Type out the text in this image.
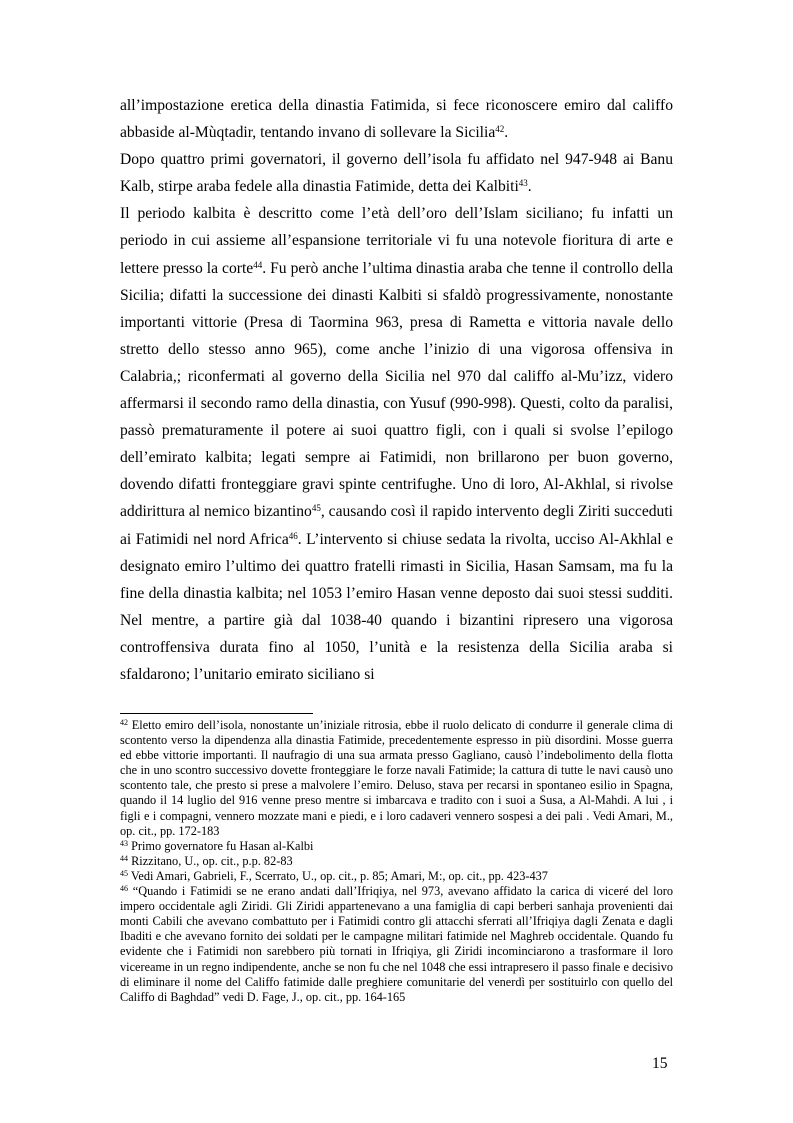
all’impostazione eretica della dinastia Fatimida, si fece riconoscere emiro dal califfo abbaside al-Mùqtadir, tentando invano di sollevare la Sicilia$^{42}$.

Dopo quattro primi governatori, il governo dell’isola fu affidato nel 947-948 ai Banu Kalb, stirpe araba fedele alla dinastia Fatimide, detta dei Kalbiti$^{43}$.

Il periodo kalbita è descritto come l’età dell’oro dell’Islam siciliano; fu infatti un periodo in cui assieme all’espansione territoriale vi fu una notevole fioritura di arte e lettere presso la corte$^{44}$. Fu però anche l’ultima dinastia araba che tenne il controllo della Sicilia; difatti la successione dei dinasti Kalbiti si sfaldò progressivamente, nonostante importanti vittorie (Presa di Taormina 963, presa di Rametta e vittoria navale dello stretto dello stesso anno 965), come anche l’inizio di una vigorosa offensiva in Calabria,; riconfermati al governo della Sicilia nel 970 dal califfo al-Mu’izz, videro affermarsi il secondo ramo della dinastia, con Yusuf (990-998). Questi, colto da paralisi, passò prematuramente il potere ai suoi quattro figli, con i quali si svolse l’epilogo dell’emirato kalbita; legati sempre ai Fatimidi, non brillarono per buon governo, dovendo difatti fronteggiare gravi spinte centrifughe. Uno di loro, Al-Akhlal, si rivolse addirittura al nemico bizantino$^{45}$, causando così il rapido intervento degli Ziriti succeduti ai Fatimidi nel nord Africa$^{46}$. L’intervento si chiuse sedata la rivolta, ucciso Al-Akhlal e designato emiro l’ultimo dei quattro fratelli rimasti in Sicilia, Hasan Samsam, ma fu la fine della dinastia kalbita; nel 1053 l’emiro Hasan venne deposto dai suoi stessi sudditi. Nel mentre, a partire già dal 1038-40 quando i bizantini ripresero una vigorosa controffensiva durata fino al 1050, l’unità e la resistenza della Sicilia araba si sfaldarono; l’unitario emirato siciliano si

$^{42}$ Eletto emiro dell’isola, nonostante un’iniziale ritrosia, ebbe il ruolo delicato di condurre il generale clima di scontento verso la dipendenza alla dinastia Fatimide, precedentemente espresso in più disordini. Mosse guerra ed ebbe vittorie importanti. Il naufragio di una sua armata presso Gagliano, causò l’indebolimento della flotta che in uno scontro successivo dovette fronteggiare le forze navali Fatimide; la cattura di tutte le navi causò uno scontento tale, che presto si prese a malvolere l’emiro. Deluso, stava per recarsi in spontaneo esilio in Spagna, quando il 14 luglio del 916 venne preso mentre si imbarcava e tradito con i suoi a Susa, a Al-Mahdi. A lui , i figli e i compagni, vennero mozzate mani e piedi, e i loro cadaveri vennero sospesi a dei pali . Vedi Amari, M., op. cit., pp. 172-183

$^{43}$ Primo governatore fu Hasan al-Kalbi

$^{44}$ Rizzitano, U., op. cit., p.p. 82-83

$^{45}$ Vedi Amari, Gabrieli, F., Scerrato, U., op. cit., p. 85; Amari, M:, op. cit., pp. 423-437

$^{46}$ “Quando i Fatimidi se ne erano andati dall’Ifriqiya, nel 973, avevano affidato la carica di viceré del loro impero occidentale agli Ziridi. Gli Ziridi appartenevano a una famiglia di capi berberi sanhaja provenienti dai monti Cabili che avevano combattuto per i Fatimidi contro gli attacchi sferrati all’Ifriqiya dagli Zenata e dagli Ibaditi e che avevano fornito dei soldati per le campagne militari fatimide nel Maghreb occidentale. Quando fu evidente che i Fatimidi non sarebbero più tornati in Ifriqiya, gli Ziridi incominciarono a trasformare il loro vicereame in un regno indipendente, anche se non fu che nel 1048 che essi intrapresero il passo finale e decisivo di eliminare il nome del Califfo fatimide dalle preghiere comunitarie del venerdì per sostituirlo con quello del Califfo di Baghdad” vedi D. Fage, J., op. cit., pp. 164-165

15
